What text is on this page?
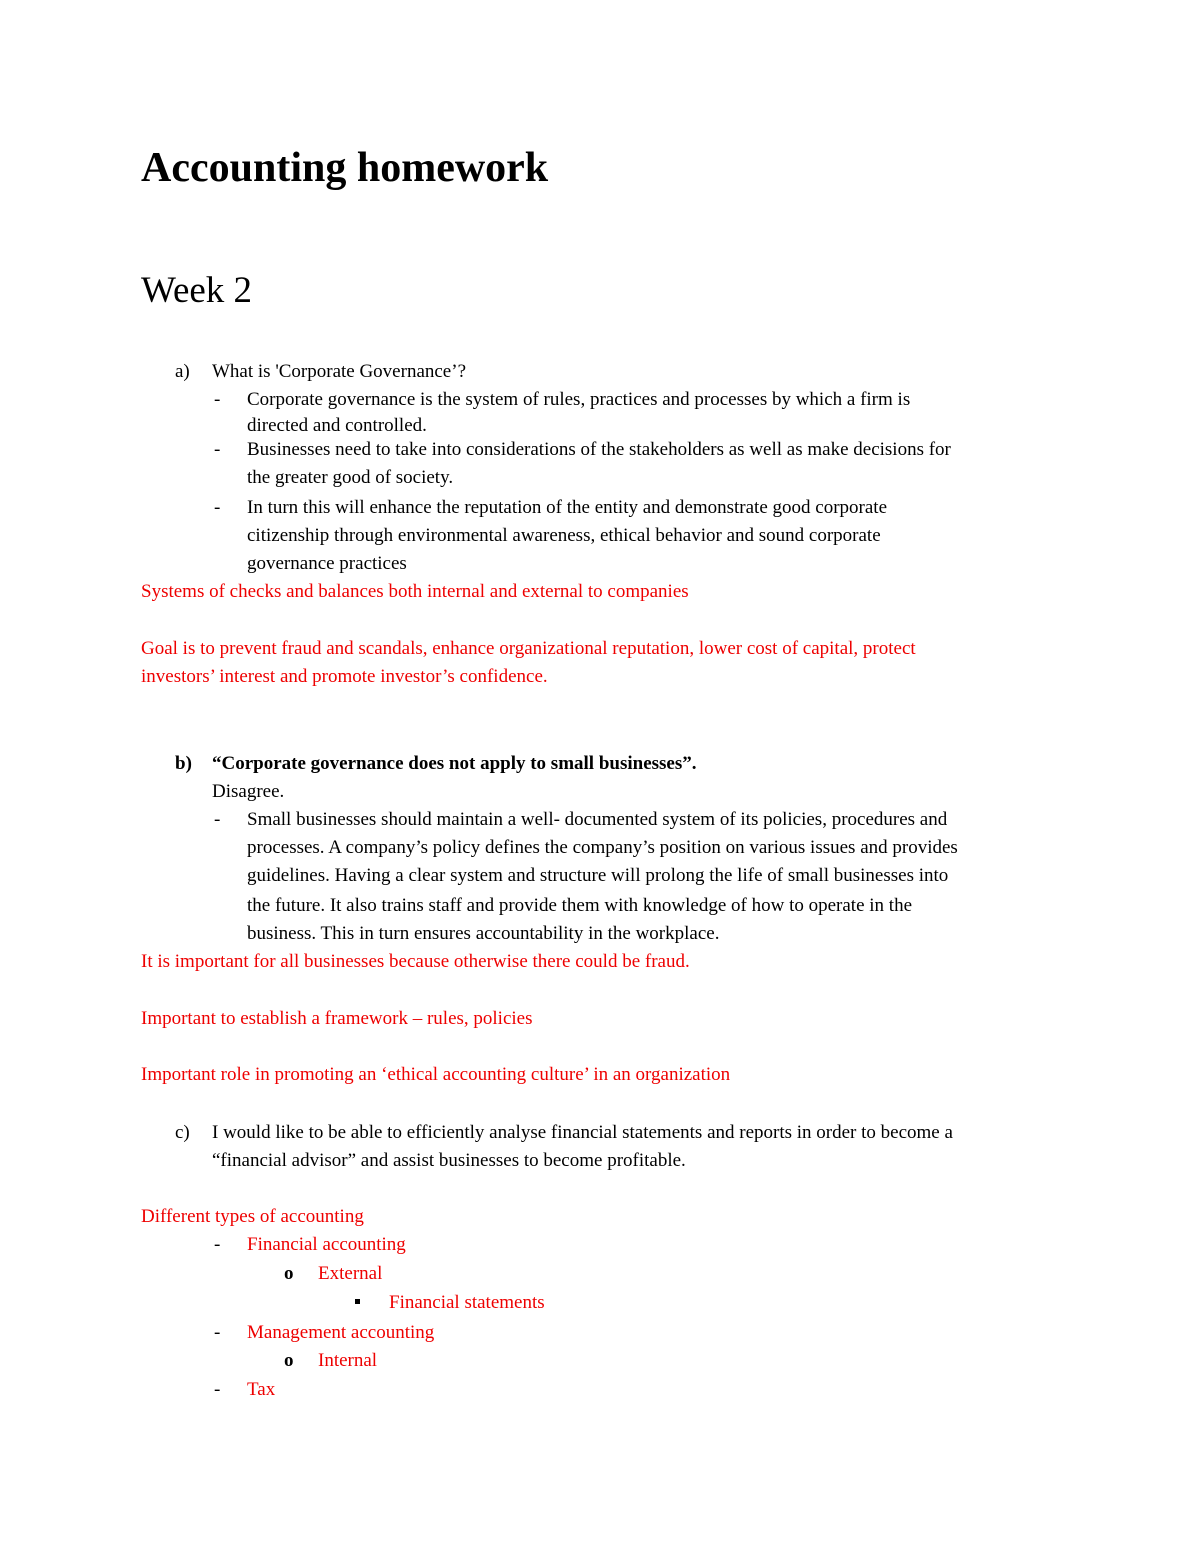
Accounting homework
Week 2
a) What is 'Corporate Governance’?
- Corporate governance is the system of rules, practices and processes by which a firm is
directed and controlled.
- Businesses need to take into considerations of the stakeholders as well as make decisions for
the greater good of society.
- In turn this will enhance the reputation of the entity and demonstrate good corporate
citizenship through environmental awareness, ethical behavior and sound corporate
governance practices
Systems of checks and balances both internal and external to companies
Goal is to prevent fraud and scandals, enhance organizational reputation, lower cost of capital, protect
investors’ interest and promote investor’s confidence.
b) “Corporate governance does not apply to small businesses”.
Disagree.
- Small businesses should maintain a well- documented system of its policies, procedures and
processes. A company’s policy defines the company’s position on various issues and provides
guidelines. Having a clear system and structure will prolong the life of small businesses into
the future. It also trains staff and provide them with knowledge of how to operate in the
business. This in turn ensures accountability in the workplace.
It is important for all businesses because otherwise there could be fraud.
Important to establish a framework – rules, policies
Important role in promoting an ‘ethical accounting culture’ in an organization
c) I would like to be able to efficiently analyse financial statements and reports in order to become a
“financial advisor” and assist businesses to become profitable.
Different types of accounting
- Financial accounting
o External
Financial statements
- Management accounting
o Internal
- Tax
